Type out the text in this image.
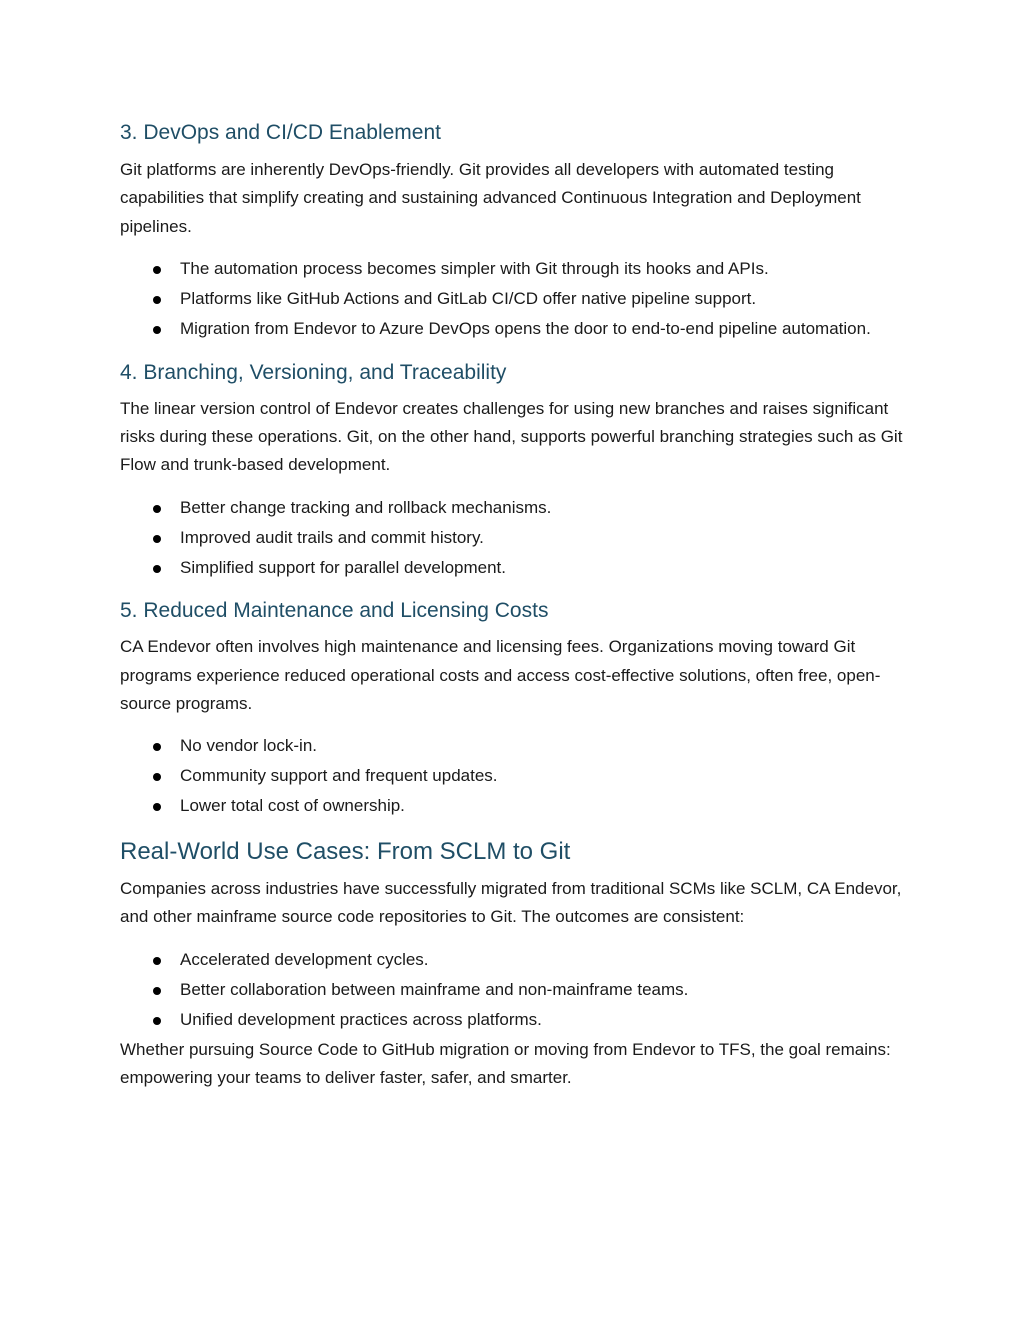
3. DevOps and CI/CD Enablement

Git platforms are inherently DevOps-friendly. Git provides all developers with automated testing capabilities that simplify creating and sustaining advanced Continuous Integration and Deployment pipelines.

The automation process becomes simpler with Git through its hooks and APIs.
Platforms like GitHub Actions and GitLab CI/CD offer native pipeline support.
Migration from Endevor to Azure DevOps opens the door to end-to-end pipeline automation.
4. Branching, Versioning, and Traceability

The linear version control of Endevor creates challenges for using new branches and raises significant risks during these operations. Git, on the other hand, supports powerful branching strategies such as Git Flow and trunk-based development.

Better change tracking and rollback mechanisms.
Improved audit trails and commit history.
Simplified support for parallel development.
5. Reduced Maintenance and Licensing Costs

CA Endevor often involves high maintenance and licensing fees. Organizations moving toward Git programs experience reduced operational costs and access cost-effective solutions, often free, open-source programs.

No vendor lock-in.
Community support and frequent updates.
Lower total cost of ownership.
Real-World Use Cases: From SCLM to Git

Companies across industries have successfully migrated from traditional SCMs like SCLM, CA Endevor, and other mainframe source code repositories to Git. The outcomes are consistent:

Accelerated development cycles.
Better collaboration between mainframe and non-mainframe teams.
Unified development practices across platforms.

Whether pursuing Source Code to GitHub migration or moving from Endevor to TFS, the goal remains: empowering your teams to deliver faster, safer, and smarter.
